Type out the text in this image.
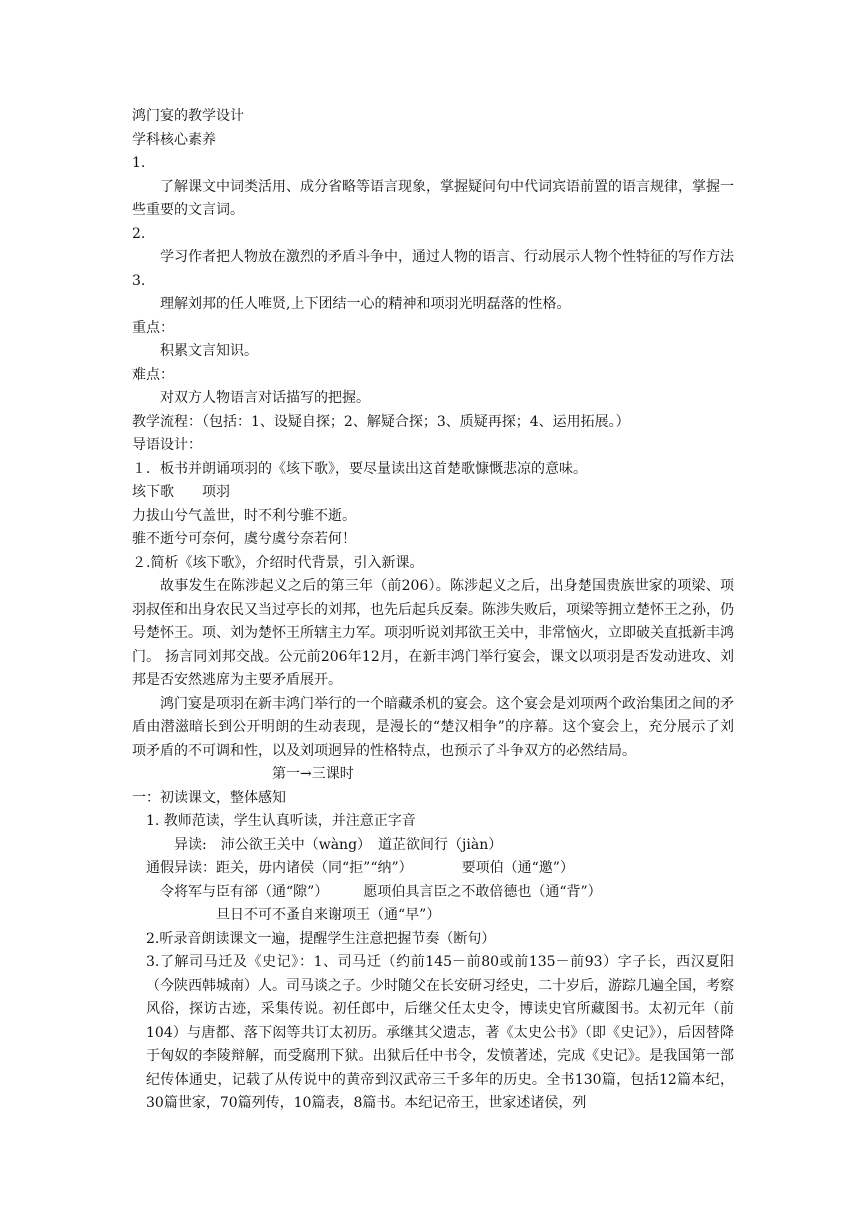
鸿门宴的教学设计
学科核心素养
1.
了解课文中词类活用、成分省略等语言现象，掌握疑问句中代词宾语前置的语言规律，掌握一些重要的文言词。
2.
学习作者把人物放在激烈的矛盾斗争中，通过人物的语言、行动展示人物个性特征的写作方法
3.
理解刘邦的任人唯贤,上下团结一心的精神和项羽光明磊落的性格。
重点：
积累文言知识。
难点：
对双方人物语言对话描写的把握。
教学流程：（包括：1、设疑自探；2、解疑合探；3、质疑再探；4、运用拓展。）
导语设计：
１．板书并朗诵项羽的《垓下歌》，要尽量读出这首楚歌慷慨悲凉的意味。
垓下歌　　项羽
力拔山兮气盖世，时不利兮骓不逝。
骓不逝兮可奈何，虞兮虞兮奈若何！
２.简析《垓下歌》，介绍时代背景，引入新课。
故事发生在陈涉起义之后的第三年（前206）。陈涉起义之后，出身楚国贵族世家的项梁、项羽叔侄和出身农民又当过亭长的刘邦，也先后起兵反秦。陈涉失败后，项梁等拥立楚怀王之孙，仍号楚怀王。项、刘为楚怀王所辖主力军。项羽听说刘邦欲王关中，非常恼火，立即破关直抵新丰鸿门。 扬言同刘邦交战。公元前206年12月，在新丰鸿门举行宴会，课文以项羽是否发动进攻、刘邦是否安然逃席为主要矛盾展开。
鸿门宴是项羽在新丰鸿门举行的一个暗藏杀机的宴会。这个宴会是刘项两个政治集团之间的矛盾由潜滋暗长到公开明朗的生动表现，是漫长的“楚汉相争”的序幕。这个宴会上，充分展示了刘项矛盾的不可调和性，以及刘项迥异的性格特点，也预示了斗争双方的必然结局。
第一→三课时
一：初读课文，整体感知
1. 教师范读，学生认真听读，并注意正字音
异读:　沛公欲王关中（wàng）　道芷欲间行（jiàn）
通假异读：距关，毋内诸侯（同“拒”“纳”）　　　　要项伯（通“邀”）
令将军与臣有郤（通“隙”）　　　愿项伯具言臣之不敢倍德也（通“背”）
旦日不可不蚤自来谢项王（通“早”）
2.听录音朗读课文一遍，提醒学生注意把握节奏（断句）
3.了解司马迁及《史记》：1、司马迁（约前145－前80或前135－前93）字子长，西汉夏阳（今陕西韩城南）人。司马谈之子。少时随父在长安研习经史，二十岁后，游踪几遍全国，考察风俗，探访古迹，采集传说。初任郎中，后继父任太史令，博读史官所藏图书。太初元年（前104）与唐都、落下闳等共订太初历。承继其父遗志，著《太史公书》（即《史记》），后因替降于匈奴的李陵辩解，而受腐刑下狱。出狱后任中书令，发愤著述，完成《史记》。是我国第一部纪传体通史，记载了从传说中的黄帝到汉武帝三千多年的历史。全书130篇，包括12篇本纪，30篇世家，70篇列传，10篇表，8篇书。本纪记帝王，世家述诸侯，列
